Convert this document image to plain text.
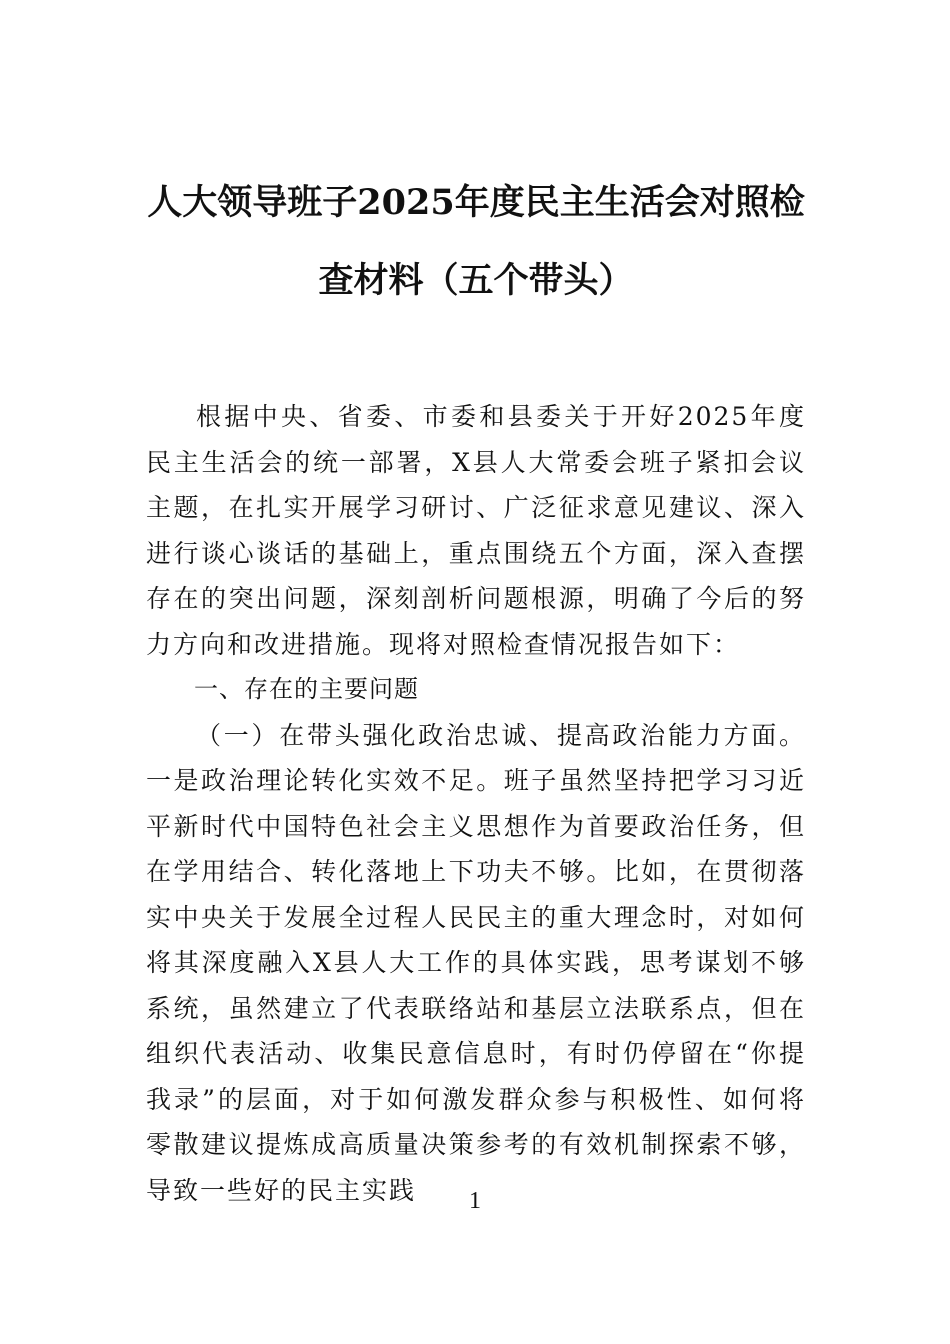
人大领导班子2025年度民主生活会对照检
查材料（五个带头）

根据中央、省委、市委和县委关于开好2025年度民主生活会的统一部署，X县人大常委会班子紧扣会议主题，在扎实开展学习研讨、广泛征求意见建议、深入进行谈心谈话的基础上，重点围绕五个方面，深入查摆存在的突出问题，深刻剖析问题根源，明确了今后的努力方向和改进措施。现将对照检查情况报告如下：

一、存在的主要问题

（一）在带头强化政治忠诚、提高政治能力方面。一是政治理论转化实效不足。班子虽然坚持把学习习近平新时代中国特色社会主义思想作为首要政治任务，但在学用结合、转化落地上下功夫不够。比如，在贯彻落实中央关于发展全过程人民民主的重大理念时，对如何将其深度融入X县人大工作的具体实践，思考谋划不够系统，虽然建立了代表联络站和基层立法联系点，但在组织代表活动、收集民意信息时，有时仍停留在“你提我录”的层面，对于如何激发群众参与积极性、如何将零散建议提炼成高质量决策参考的有效机制探索不够，导致一些好的民主实践	1
